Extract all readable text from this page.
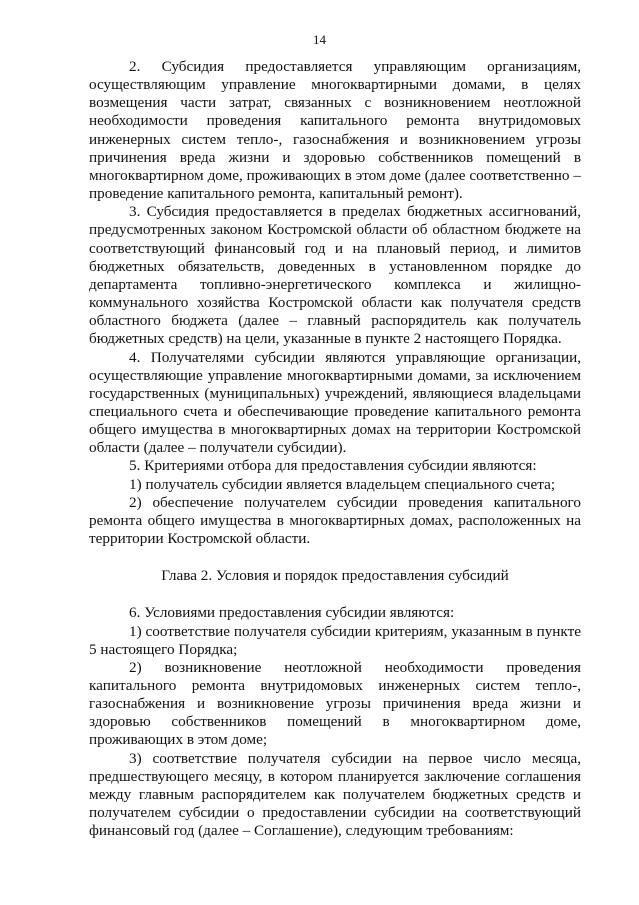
14

2. Субсидия предоставляется управляющим организациям, осуществляющим управление многоквартирными домами, в целях возмещения части затрат, связанных с возникновением неотложной необходимости проведения капитального ремонта внутридомовых инженерных систем тепло-, газоснабжения и возникновением угрозы причинения вреда жизни и здоровью собственников помещений в многоквартирном доме, проживающих в этом доме (далее соответственно – проведение капитального ремонта, капитальный ремонт).

3. Субсидия предоставляется в пределах бюджетных ассигнований, предусмотренных законом Костромской области об областном бюджете на соответствующий финансовый год и на плановый период, и лимитов бюджетных обязательств, доведенных в установленном порядке до департамента топливно-энергетического комплекса и жилищно-коммунального хозяйства Костромской области как получателя средств областного бюджета (далее – главный распорядитель как получатель бюджетных средств) на цели, указанные в пункте 2 настоящего Порядка.

4. Получателями субсидии являются управляющие организации, осуществляющие управление многоквартирными домами, за исключением государственных (муниципальных) учреждений, являющиеся владельцами специального счета и обеспечивающие проведение капитального ремонта общего имущества в многоквартирных домах на территории Костромской области (далее – получатели субсидии).

5. Критериями отбора для предоставления субсидии являются:

1) получатель субсидии является владельцем специального счета;

2) обеспечение получателем субсидии проведения капитального ремонта общего имущества в многоквартирных домах, расположенных на территории Костромской области.

Глава 2. Условия и порядок предоставления субсидий

6. Условиями предоставления субсидии являются:

1) соответствие получателя субсидии критериям, указанным в пункте 5 настоящего Порядка;

2) возникновение неотложной необходимости проведения капитального ремонта внутридомовых инженерных систем тепло-, газоснабжения и возникновение угрозы причинения вреда жизни и здоровью собственников помещений в многоквартирном доме, проживающих в этом доме;

3) соответствие получателя субсидии на первое число месяца, предшествующего месяцу, в котором планируется заключение соглашения между главным распорядителем как получателем бюджетных средств и получателем субсидии о предоставлении субсидии на соответствующий финансовый год (далее – Соглашение), следующим требованиям:
